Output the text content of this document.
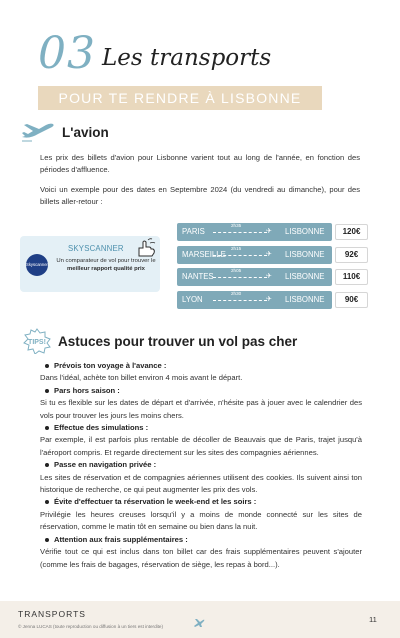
03 Les transports
POUR TE RENDRE À LISBONNE
L'avion
Les prix des billets d'avion pour Lisbonne varient tout au long de l'année, en fonction des périodes d'affluence.
Voici un exemple pour des dates en Septembre 2024 (du vendredi au dimanche), pour des billets aller-retour :
SKYSCANNER
Skyscanner
Un comparateur de vol pour trouver le meilleur rapport qualité prix
PARIS
2h35
✈ LISBONNE	120€
MARSEILLE
2h15
✈ LISBONNE	92€
NANTES
2h05
✈ LISBONNE	110€
LYON
2h30
✈ LISBONNE	90€
TIPS! Astuces pour trouver un vol pas cher
Prévois ton voyage à l'avance :
Dans l'idéal, achète ton billet environ 4 mois avant le départ.
Pars hors saison :
Si tu es flexible sur les dates de départ et d'arrivée, n'hésite pas à jouer avec le calendrier des vols pour trouver les jours les moins chers.
Effectue des simulations :
Par exemple, il est parfois plus rentable de décoller de Beauvais que de Paris, trajet jusqu'à l'aéroport compris. Et regarde directement sur les sites des compagnies aériennes.
Passe en navigation privée :
Les sites de réservation et de compagnies aériennes utilisent des cookies. Ils suivent ainsi ton historique de recherche, ce qui peut augmenter les prix des vols.
Évite d'effectuer ta réservation le week-end et les soirs :
Privilégie les heures creuses lorsqu'il y a moins de monde connecté sur les sites de réservation, comme le matin tôt en semaine ou bien dans la nuit.
Attention aux frais supplémentaires :
Vérifie tout ce qui est inclus dans ton billet car des frais supplémentaires peuvent s'ajouter (comme les frais de bagages, réservation de siège, les repas à bord...).
TRANSPORTS
© Jenna LUCAS (toute reproduction ou diffusion à un tiers est interdite)
11
